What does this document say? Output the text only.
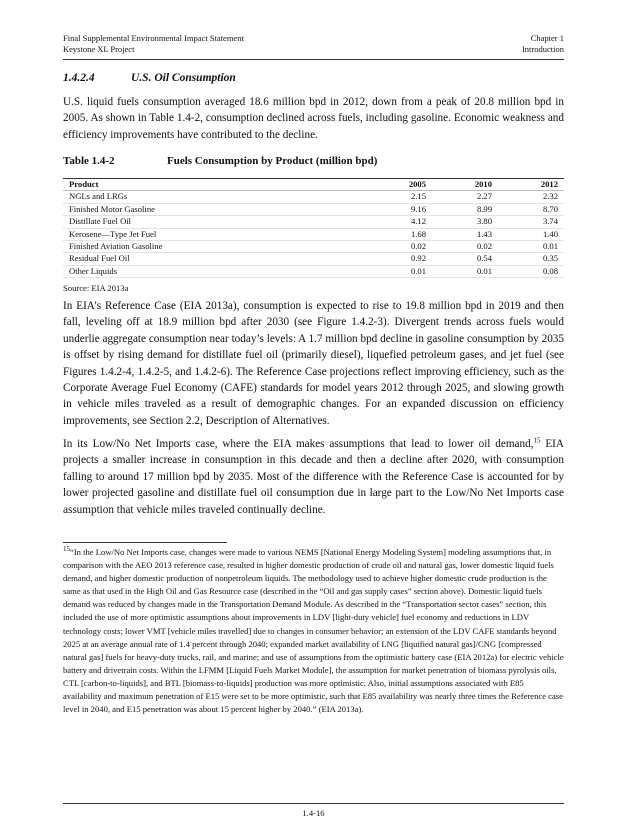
Final Supplemental Environmental Impact Statement
Keystone XL Project
Chapter 1
Introduction
1.4.2.4	U.S. Oil Consumption

U.S. liquid fuels consumption averaged 18.6 million bpd in 2012, down from a peak of 20.8 million bpd in 2005. As shown in Table 1.4-2, consumption declined across fuels, including gasoline. Economic weakness and efficiency improvements have contributed to the decline.

Table 1.4-2	Fuels Consumption by Product (million bpd)
Product	2005	2010	2012
NGLs and LRGs	2.15	2.27	2.32
Finished Motor Gasoline	9.16	8.99	8.70
Distillate Fuel Oil	4.12	3.80	3.74
Kerosene—Type Jet Fuel	1.68	1.43	1.40
Finished Aviation Gasoline	0.02	0.02	0.01
Residual Fuel Oil	0.92	0.54	0.35
Other Liquids	0.01	0.01	0.08
Source: EIA 2013a

In EIA’s Reference Case (EIA 2013a), consumption is expected to rise to 19.8 million bpd in 2019 and then fall, leveling off at 18.9 million bpd after 2030 (see Figure 1.4.2-3). Divergent trends across fuels would underlie aggregate consumption near today’s levels: A 1.7 million bpd decline in gasoline consumption by 2035 is offset by rising demand for distillate fuel oil (primarily diesel), liquefied petroleum gases, and jet fuel (see Figures 1.4.2-4, 1.4.2-5, and 1.4.2-6). The Reference Case projections reflect improving efficiency, such as the Corporate Average Fuel Economy (CAFE) standards for model years 2012 through 2025, and slowing growth in vehicle miles traveled as a result of demographic changes. For an expanded discussion on efficiency improvements, see Section 2.2, Description of Alternatives.

In its Low/No Net Imports case, where the EIA makes assumptions that lead to lower oil demand,$^{15}$ EIA projects a smaller increase in consumption in this decade and then a decline after 2020, with consumption falling to around 17 million bpd by 2035. Most of the difference with the Reference Case is accounted for by lower projected gasoline and distillate fuel oil consumption due in large part to the Low/No Net Imports case assumption that vehicle miles traveled continually decline.

$^{15}$“In the Low/No Net Imports case, changes were made to various NEMS [National Energy Modeling System] modeling assumptions that, in comparison with the AEO 2013 reference case, resulted in higher domestic production of crude oil and natural gas, lower domestic liquid fuels demand, and higher domestic production of nonpetroleum liquids. The methodology used to achieve higher domestic crude production is the same as that used in the High Oil and Gas Resource case (described in the “Oil and gas supply cases” section above). Domestic liquid fuels demand was reduced by changes made in the Transportation Demand Module. As described in the “Transportation sector cases” section, this included the use of more optimistic assumptions about improvements in LDV [light-duty vehicle] fuel economy and reductions in LDV technology costs; lower VMT [vehicle miles travelled] due to changes in consumer behavior; an extension of the LDV CAFE standards beyond 2025 at an average annual rate of 1.4 percent through 2040; expanded market availability of LNG [liquified natural gas]/CNG [compressed natural gas] fuels for heavy-duty trucks, rail, and marine; and use of assumptions from the optimistic battery case (EIA 2012a) for electric vehicle battery and drivetrain costs. Within the LFMM [Liquid Fuels Market Module], the assumption for market penetration of biomass pyrolysis oils, CTL [carbon-to-liquids], and BTL [biomass-to-liquids] production was more optimistic. Also, initial assumptions associated with E85 availability and maximum penetration of E15 were set to be more optimistic, such that E85 availability was nearly three times the Reference case level in 2040, and E15 penetration was about 15 percent higher by 2040.” (EIA 2013a).

1.4-16
